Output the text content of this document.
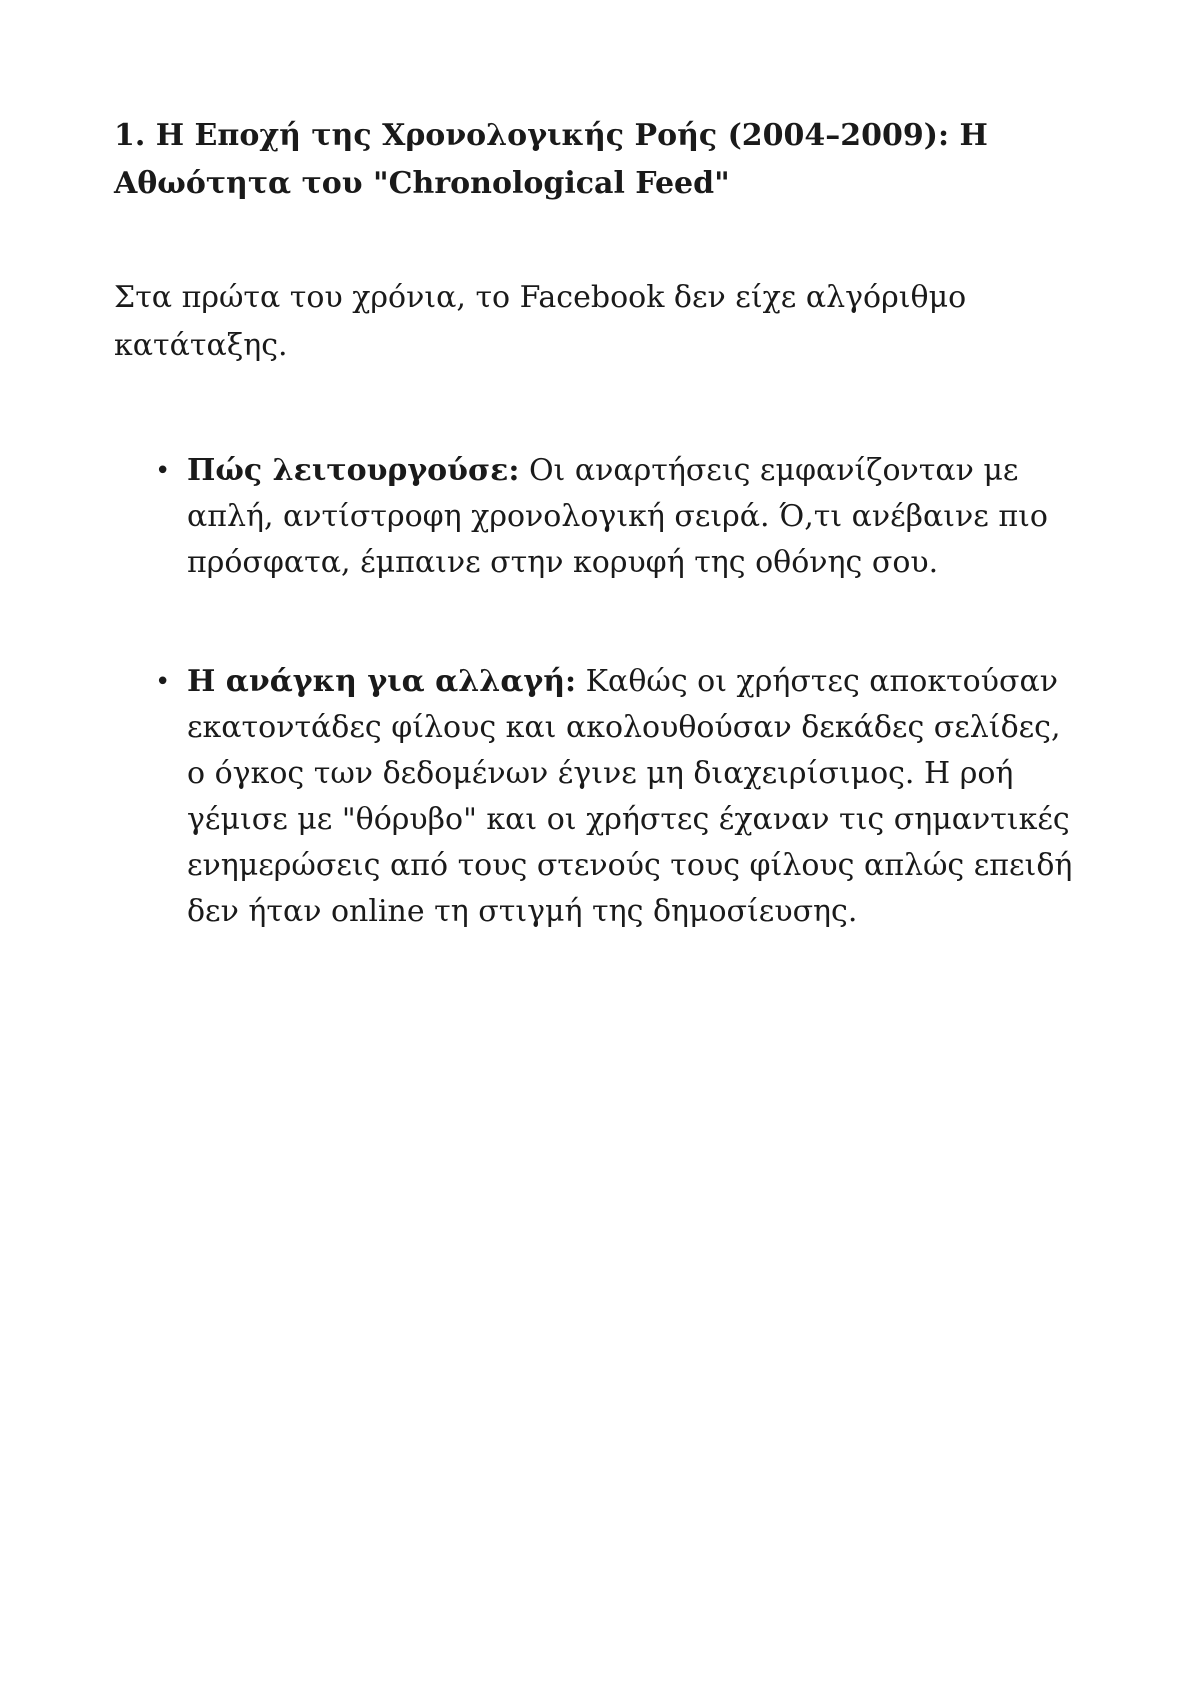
1. Η Εποχή της Χρονολογικής Ροής (2004–2009): Η Αθωότητα του "Chronological Feed"

Στα πρώτα του χρόνια, το Facebook δεν είχε αλγόριθμο κατάταξης.

• Πώς λειτουργούσε: Οι αναρτήσεις εμφανίζονταν με απλή, αντίστροφη χρονολογική σειρά. Ό,τι ανέβαινε πιο πρόσφατα, έμπαινε στην κορυφή της οθόνης σου.
• Η ανάγκη για αλλαγή: Καθώς οι χρήστες αποκτούσαν εκατοντάδες φίλους και ακολουθούσαν δεκάδες σελίδες, ο όγκος των δεδομένων έγινε μη διαχειρίσιμος. Η ροή γέμισε με "θόρυβο" και οι χρήστες έχαναν τις σημαντικές ενημερώσεις από τους στενούς τους φίλους απλώς επειδή δεν ήταν online τη στιγμή της δημοσίευσης.
